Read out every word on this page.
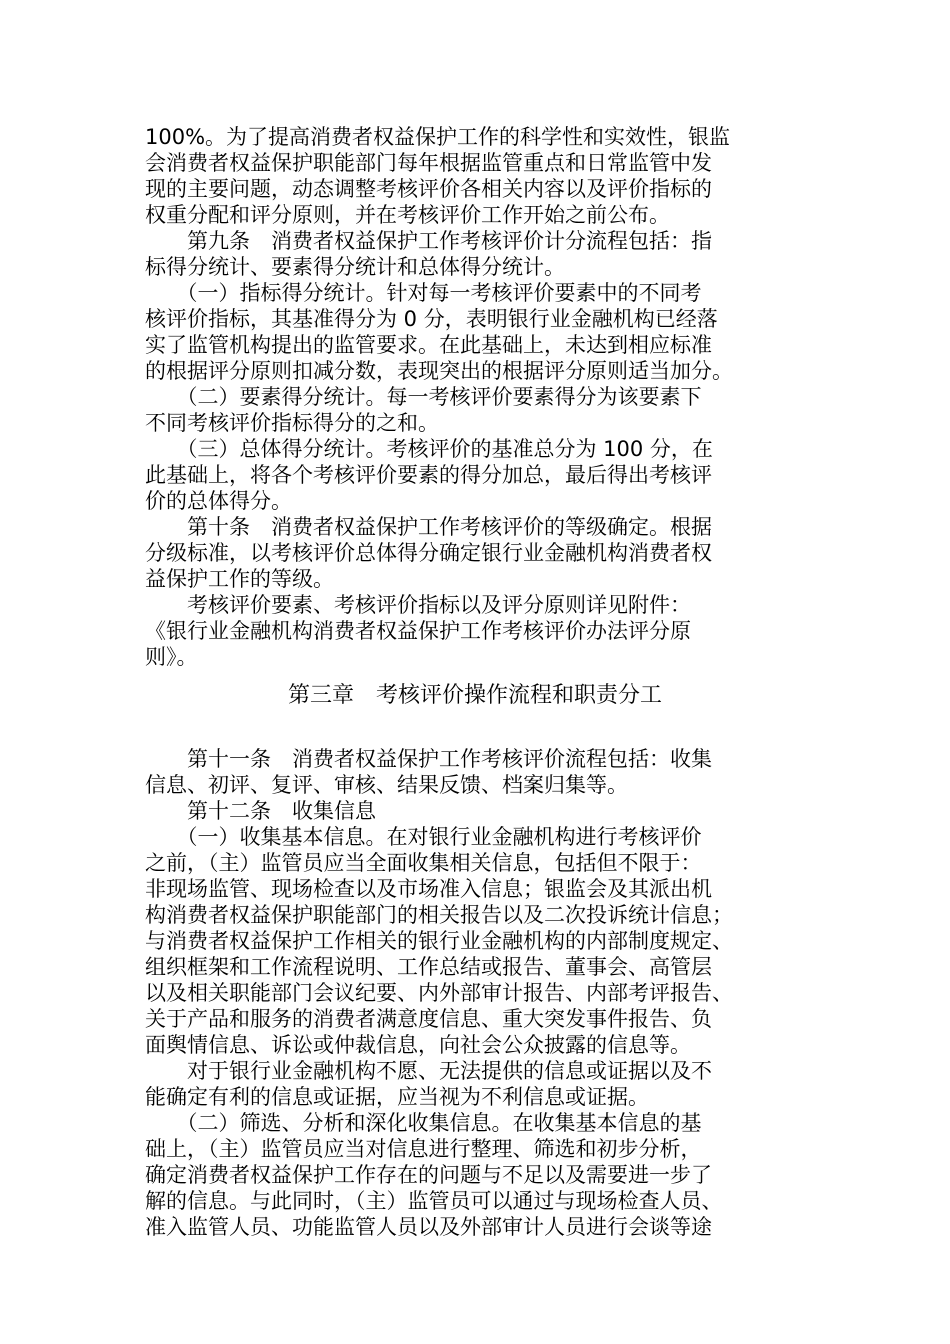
100%。为了提高消费者权益保护工作的科学性和实效性，银监
会消费者权益保护职能部门每年根据监管重点和日常监管中发
现的主要问题，动态调整考核评价各相关内容以及评价指标的
权重分配和评分原则，并在考核评价工作开始之前公布。
　　第九条　消费者权益保护工作考核评价计分流程包括：指
标得分统计、要素得分统计和总体得分统计。
　　（一）指标得分统计。针对每一考核评价要素中的不同考
核评价指标，其基准得分为 0 分，表明银行业金融机构已经落
实了监管机构提出的监管要求。在此基础上，未达到相应标准
的根据评分原则扣减分数，表现突出的根据评分原则适当加分。
　　（二）要素得分统计。每一考核评价要素得分为该要素下
不同考核评价指标得分的之和。
　　（三）总体得分统计。考核评价的基准总分为 100 分，在
此基础上，将各个考核评价要素的得分加总，最后得出考核评
价的总体得分。
　　第十条　消费者权益保护工作考核评价的等级确定。根据
分级标准，以考核评价总体得分确定银行业金融机构消费者权
益保护工作的等级。
　　考核评价要素、考核评价指标以及评分原则详见附件：
《银行业金融机构消费者权益保护工作考核评价办法评分原
则》。
第三章　考核评价操作流程和职责分工
　　第十一条　消费者权益保护工作考核评价流程包括：收集
信息、初评、复评、审核、结果反馈、档案归集等。
　　第十二条　收集信息
　　（一）收集基本信息。在对银行业金融机构进行考核评价
之前，（主）监管员应当全面收集相关信息，包括但不限于：
非现场监管、现场检查以及市场准入信息；银监会及其派出机
构消费者权益保护职能部门的相关报告以及二次投诉统计信息；
与消费者权益保护工作相关的银行业金融机构的内部制度规定、
组织框架和工作流程说明、工作总结或报告、董事会、高管层
以及相关职能部门会议纪要、内外部审计报告、内部考评报告、
关于产品和服务的消费者满意度信息、重大突发事件报告、负
面舆情信息、诉讼或仲裁信息，向社会公众披露的信息等。
　　对于银行业金融机构不愿、无法提供的信息或证据以及不
能确定有利的信息或证据，应当视为不利信息或证据。
　　（二）筛选、分析和深化收集信息。在收集基本信息的基
础上，（主）监管员应当对信息进行整理、筛选和初步分析，
确定消费者权益保护工作存在的问题与不足以及需要进一步了
解的信息。与此同时，（主）监管员可以通过与现场检查人员、
准入监管人员、功能监管人员以及外部审计人员进行会谈等途
